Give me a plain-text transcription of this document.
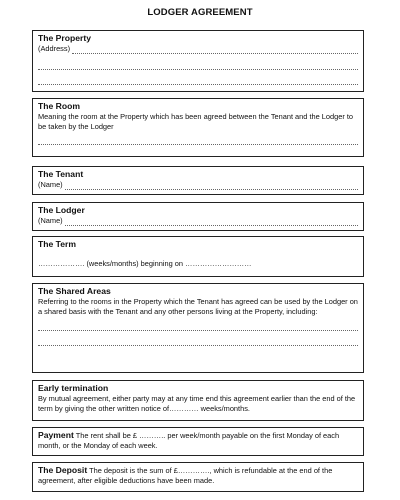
LODGER AGREEMENT
The Property
(Address)
The Room
Meaning the room at the Property which has been agreed between the Tenant and the Lodger to be taken by the Lodger
The Tenant
(Name)
The Lodger
(Name)
The Term
………………. (weeks/months) beginning on ………………………
The Shared Areas
Referring to the rooms in the Property which the Tenant has agreed can be used by the Lodger on a shared basis with the Tenant and any other persons living at the Property, including:
Early termination
By mutual agreement, either party may at any time end this agreement earlier than the end of the term by giving the other written notice of………… weeks/months.
Payment The rent shall be £ ……….. per week/month payable on the first Monday of each month, or the Monday of each week.
The Deposit The deposit is the sum of £…………., which is refundable at the end of the agreement, after eligible deductions have been made.
